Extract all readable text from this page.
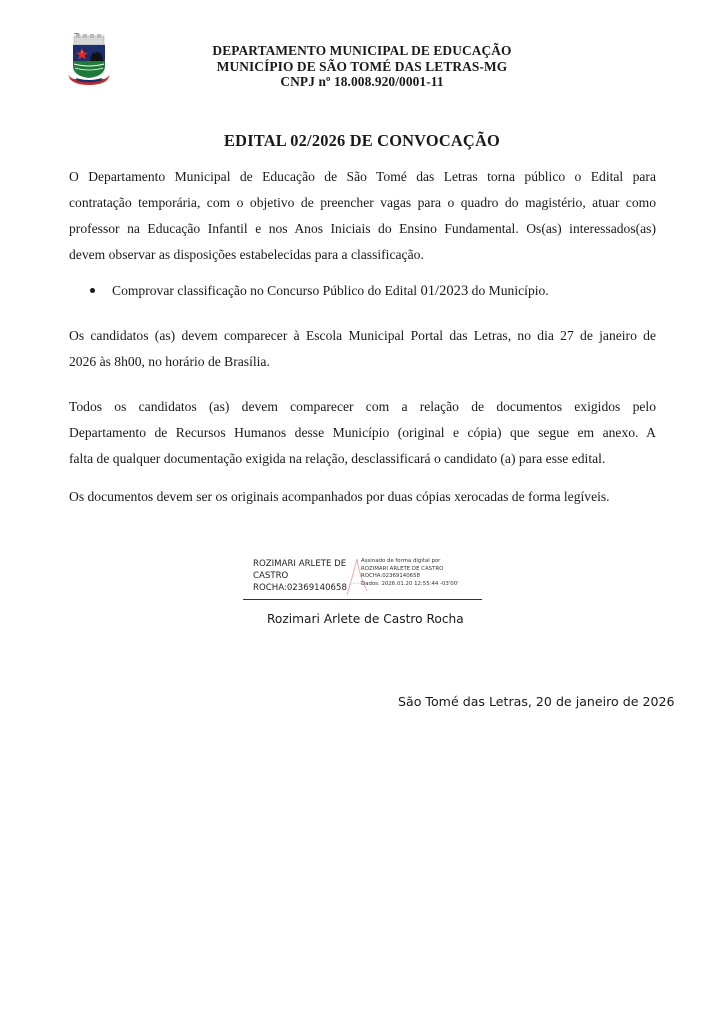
DEPARTAMENTO MUNICIPAL DE EDUCAÇÃO
MUNICÍPIO DE SÃO TOMÉ DAS LETRAS-MG
CNPJ nº 18.008.920/0001-11
EDITAL 02/2026 DE CONVOCAÇÃO
O Departamento Municipal de Educação de São Tomé das Letras torna público o Edital para
contratação temporária, com o objetivo de preencher vagas para o quadro do magistério, atuar como
professor na Educação Infantil e nos Anos Iniciais do Ensino Fundamental. Os(as) interessados(as)
devem observar as disposições estabelecidas para a classificação.
Comprovar classificação no Concurso Público do Edital 01/2023 do Município.
Os candidatos (as) devem comparecer à Escola Municipal Portal das Letras, no dia 27 de janeiro de
2026 às 8h00, no horário de Brasília.
Todos os candidatos (as) devem comparecer com a relação de documentos exigidos pelo
Departamento de Recursos Humanos desse Município (original e cópia) que segue em anexo. A
falta de qualquer documentação exigida na relação, desclassificará o candidato (a) para esse edital.
Os documentos devem ser os originais acompanhados por duas cópias xerocadas de forma legíveis.
ROZIMARI ARLETE DE
CASTRO
ROCHA:02369140658
Assinado de forma digital por
ROZIMARI ARLETE DE CASTRO
ROCHA:02369140658
Dados: 2026.01.20 12:55:44 -03'00'
Rozimari Arlete de Castro Rocha
São Tomé das Letras, 20 de janeiro de 2026
